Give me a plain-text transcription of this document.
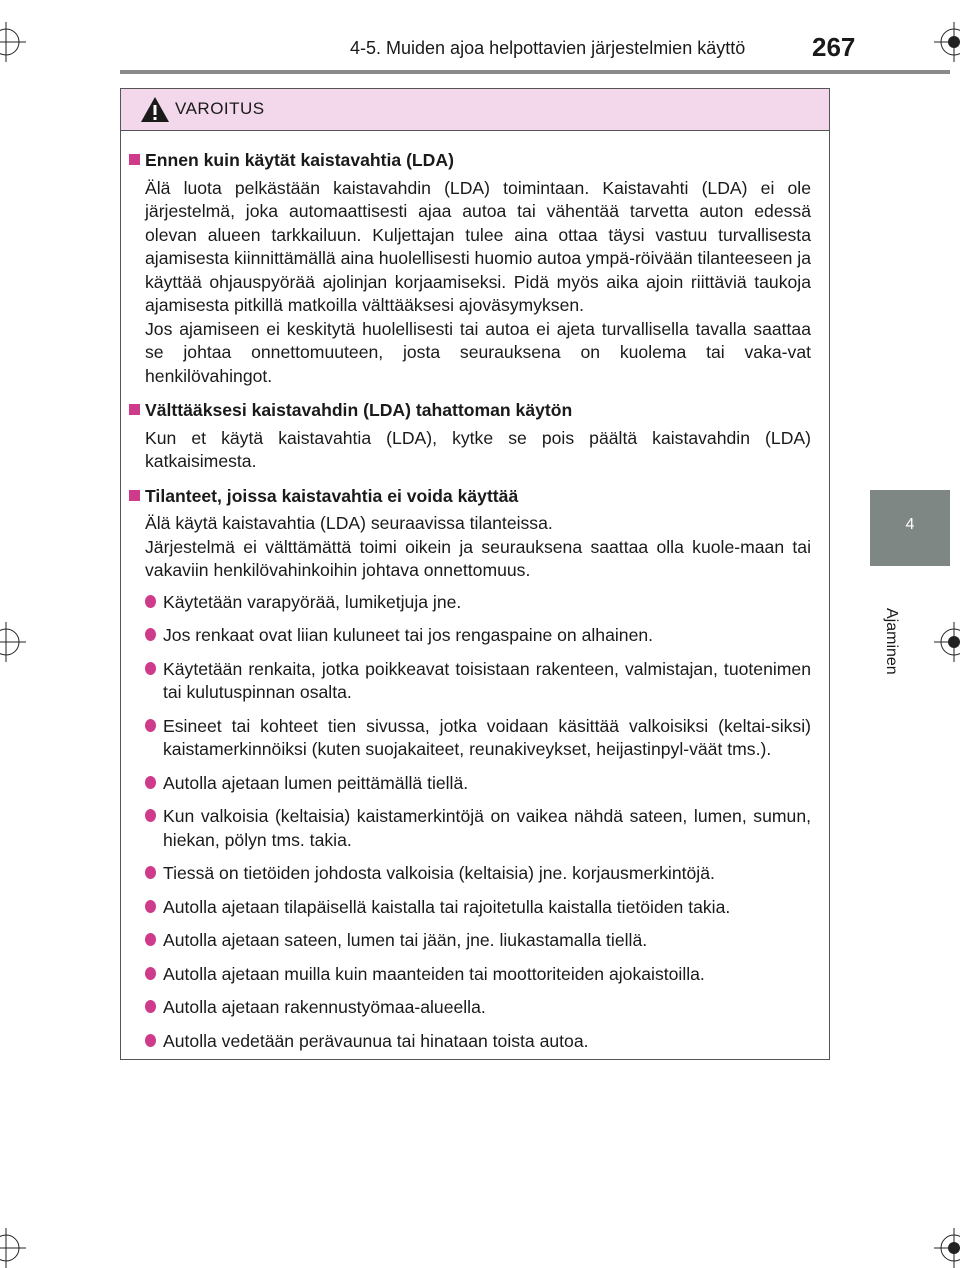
4-5. Muiden ajoa helpottavien järjestelmien käyttö	267
4
Ajaminen
VAROITUS
Ennen kuin käytät kaistavahtia (LDA)
Älä luota pelkästään kaistavahdin (LDA) toimintaan. Kaistavahti (LDA) ei ole järjestelmä, joka automaattisesti ajaa autoa tai vähentää tarvetta auton edessä olevan alueen tarkkailuun. Kuljettajan tulee aina ottaa täysi vastuu turvallisesta ajamisesta kiinnittämällä aina huolellisesti huomio autoa ympä-röivään tilanteeseen ja käyttää ohjauspyörää ajolinjan korjaamiseksi. Pidä myös aika ajoin riittäviä taukoja ajamisesta pitkillä matkoilla välttääksesi ajoväsymyksen.
Jos ajamiseen ei keskitytä huolellisesti tai autoa ei ajeta turvallisella tavalla saattaa se johtaa onnettomuuteen, josta seurauksena on kuolema tai vaka-vat henkilövahingot.
Välttääksesi kaistavahdin (LDA) tahattoman käytön
Kun et käytä kaistavahtia (LDA), kytke se pois päältä kaistavahdin (LDA) katkaisimesta.
Tilanteet, joissa kaistavahtia ei voida käyttää
Älä käytä kaistavahtia (LDA) seuraavissa tilanteissa.
Järjestelmä ei välttämättä toimi oikein ja seurauksena saattaa olla kuole-maan tai vakaviin henkilövahinkoihin johtava onnettomuus.
Käytetään varapyörää, lumiketjuja jne.
Jos renkaat ovat liian kuluneet tai jos rengaspaine on alhainen.
Käytetään renkaita, jotka poikkeavat toisistaan rakenteen, valmistajan, tuotenimen tai kulutuspinnan osalta.
Esineet tai kohteet tien sivussa, jotka voidaan käsittää valkoisiksi (keltai-siksi) kaistamerkinnöiksi (kuten suojakaiteet, reunakiveykset, heijastinpyl-väät tms.).
Autolla ajetaan lumen peittämällä tiellä.
Kun valkoisia (keltaisia) kaistamerkintöjä on vaikea nähdä sateen, lumen, sumun, hiekan, pölyn tms. takia.
Tiessä on tietöiden johdosta valkoisia (keltaisia) jne. korjausmerkintöjä.
Autolla ajetaan tilapäisellä kaistalla tai rajoitetulla kaistalla tietöiden takia.
Autolla ajetaan sateen, lumen tai jään, jne. liukastamalla tiellä.
Autolla ajetaan muilla kuin maanteiden tai moottoriteiden ajokaistoilla.
Autolla ajetaan rakennustyömaa-alueella.
Autolla vedetään perävaunua tai hinataan toista autoa.
